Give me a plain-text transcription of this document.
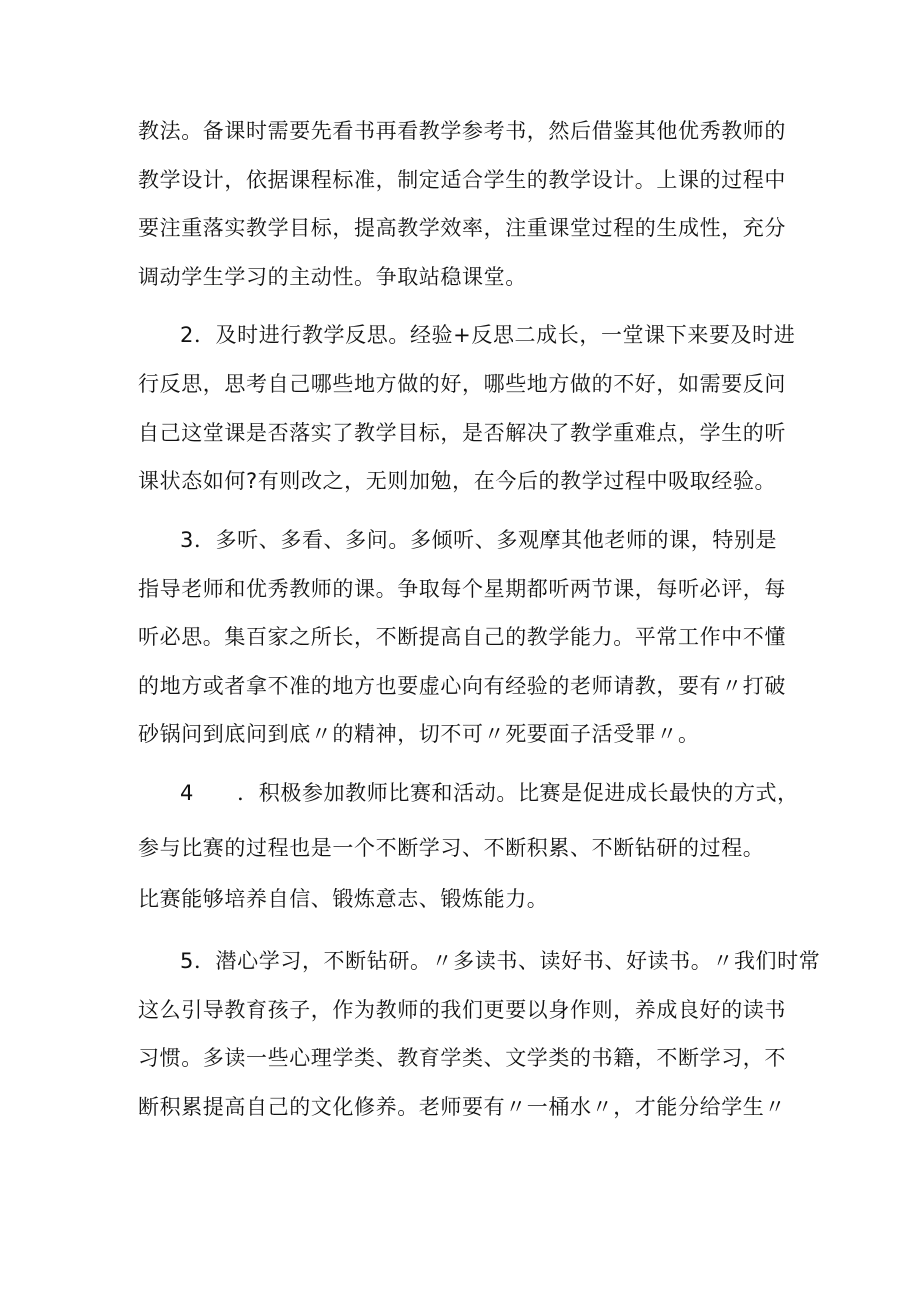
教法。备课时需要先看书再看教学参考书，然后借鉴其他优秀教师的
教学设计，依据课程标准，制定适合学生的教学设计。上课的过程中
要注重落实教学目标，提高教学效率，注重课堂过程的生成性，充分
调动学生学习的主动性。争取站稳课堂。
2．及时进行教学反思。经验+反思二成长，一堂课下来要及时进
行反思，思考自己哪些地方做的好，哪些地方做的不好，如需要反问
自己这堂课是否落实了教学目标，是否解决了教学重难点，学生的听
课状态如何?有则改之，无则加勉，在今后的教学过程中吸取经验。
3．多听、多看、多问。多倾听、多观摩其他老师的课，特别是
指导老师和优秀教师的课。争取每个星期都听两节课，每听必评，每
听必思。集百家之所长，不断提高自己的教学能力。平常工作中不懂
的地方或者拿不准的地方也要虚心向有经验的老师请教，要有〃打破
砂锅问到底问到底〃的精神，切不可〃死要面子活受罪〃。
4　　．积极参加教师比赛和活动。比赛是促进成长最快的方式，
参与比赛的过程也是一个不断学习、不断积累、不断钻研的过程。
比赛能够培养自信、锻炼意志、锻炼能力。
5．潜心学习，不断钻研。〃多读书、读好书、好读书。〃我们时常
这么引导教育孩子，作为教师的我们更要以身作则，养成良好的读书
习惯。多读一些心理学类、教育学类、文学类的书籍，不断学习，不
断积累提高自己的文化修养。老师要有〃一桶水〃，才能分给学生〃
